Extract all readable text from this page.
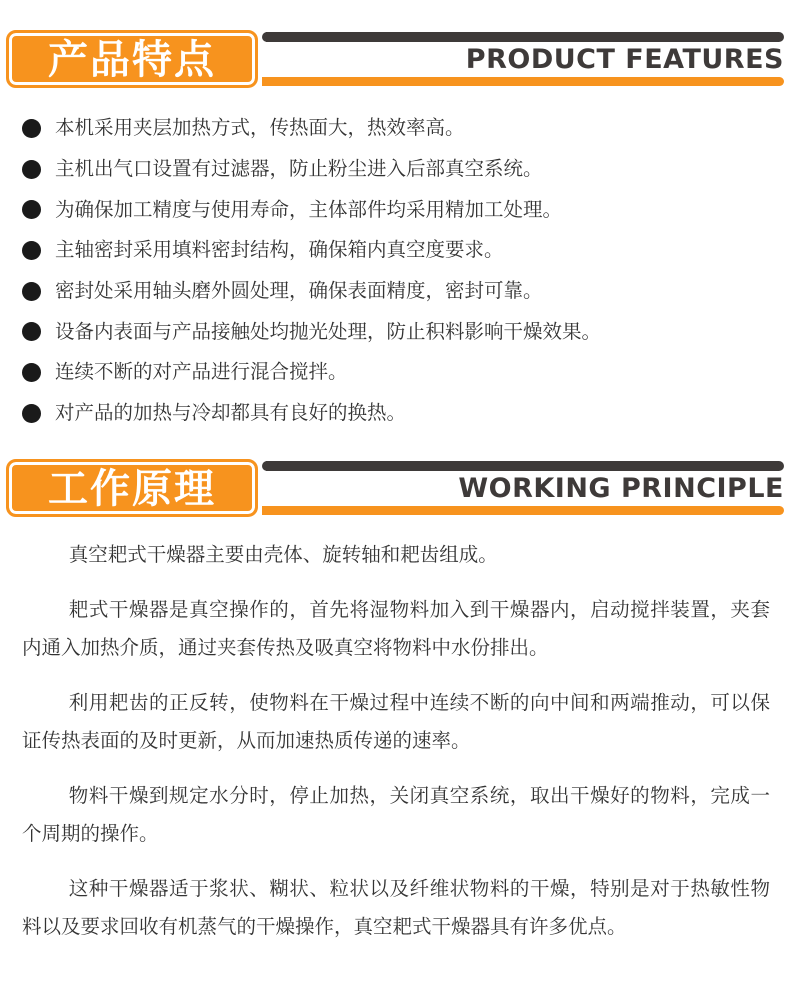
产品特点	PRODUCT FEATURES
本机采用夹层加热方式，传热面大，热效率高。
主机出气口设置有过滤器，防止粉尘进入后部真空系统。
为确保加工精度与使用寿命，主体部件均采用精加工处理。
主轴密封采用填料密封结构，确保箱内真空度要求。
密封处采用轴头磨外圆处理，确保表面精度，密封可靠。
设备内表面与产品接触处均抛光处理，防止积料影响干燥效果。
连续不断的对产品进行混合搅拌。
对产品的加热与冷却都具有良好的换热。
工作原理	WORKING PRINCIPLE

真空耙式干燥器主要由壳体、旋转轴和耙齿组成。

耙式干燥器是真空操作的，首先将湿物料加入到干燥器内，启动搅拌装置，夹套内通入加热介质，通过夹套传热及吸真空将物料中水份排出。

利用耙齿的正反转，使物料在干燥过程中连续不断的向中间和两端推动，可以保证传热表面的及时更新，从而加速热质传递的速率。

物料干燥到规定水分时，停止加热，关闭真空系统，取出干燥好的物料，完成一个周期的操作。

这种干燥器适于浆状、糊状、粒状以及纤维状物料的干燥，特别是对于热敏性物料以及要求回收有机蒸气的干燥操作，真空耙式干燥器具有许多优点。
